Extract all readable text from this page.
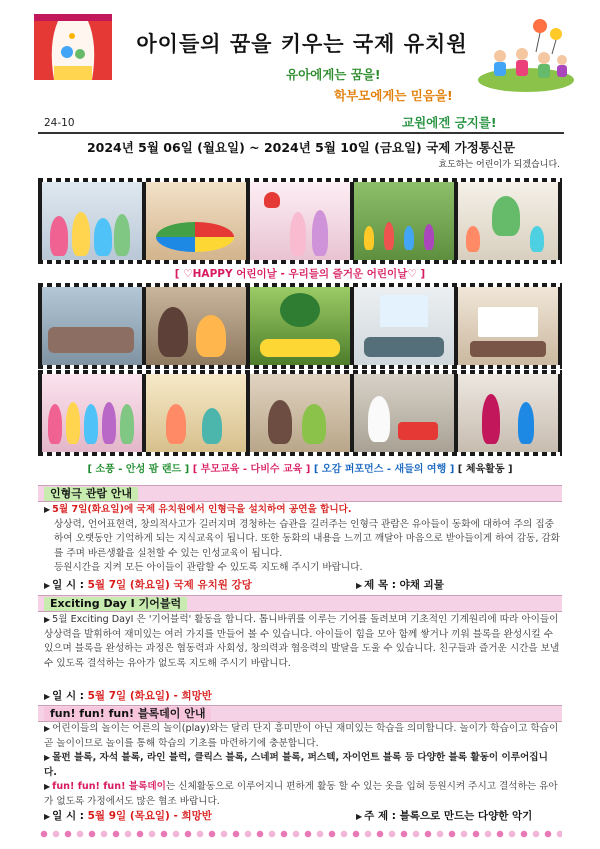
아이들의 꿈을 키우는 국제 유치원
유아에게는 꿈을!
학부모에게는 믿음을!
24-10	교원에겐 긍지를!
2024년 5월 06일 (월요일) ~ 2024년 5월 10일 (금요일) 국제 가정통신문
효도하는 어린이가 되겠습니다.
[ ♡HAPPY 어린이날 - 우리들의 즐거운 어린이날♡ ]
[ 소풍 - 안성 팜 랜드 ] [ 부모교육 - 다비수 교육 ] [ 오감 퍼포먼스 - 새들의 여행 ] [ 체육활동 ]
인형극 관람 안내
▶ 5월 7일(화요일)에 국제 유치원에서 인형극을 설치하여 공연을 합니다.
상상력, 언어표현력, 창의적사고가 길러지며 경청하는 습관을 길러주는 인형극 관람은 유아들이 동화에 대하여 주의 집중하여 오랫동안 기억하게 되는 지식교육이 됩니다. 또한 동화의 내용을 느끼고 깨달아 마음으로 받아들이게 하여 감동, 감화를 주며 바른생활을 실천할 수 있는 인성교육이 됩니다.
등원시간을 지켜 모든 아이들이 관람할 수 있도록 지도해 주시기 바랍니다.
▶ 일 시 : 5월 7일 (화요일) 국제 유치원 강당	▶ 제 목 : 야채 괴물
Exciting Day Ⅰ 기어블럭
▶ 5월 Exciting DayⅠ 은 '기어블럭' 활동을 합니다. 톱니바퀴를 이루는 기어를 돌려보며 기초적인 기계원리에 따라 아이들이 상상력을 발휘하여 재미있는 여러 가지를 만들어 볼 수 있습니다. 아이들이 힘을 모아 함께 쌓거나 끼워 블록을 완성시킬 수 있으며 블록을 완성하는 과정은 협동력과 사회성, 창의력과 협응력의 발달을 도울 수 있습니다. 친구들과 즐거운 시간을 보낼 수 있도록 결석하는 유아가 없도록 지도해 주시기 바랍니다.
▶ 일 시 : 5월 7일 (화요일) - 희망반
fun! fun! fun! 블록데이 안내
▶ 어린이들의 놀이는 어른의 놀이(play)와는 달리 단지 흥미만이 아닌 재미있는 학습을 의미합니다. 놀이가 학습이고 학습이 곧 놀이이므로 놀이를 통해 학습의 기초를 마련하기에 충분합니다.
▶ 몰펀 블록, 자석 블록, 라인 블럭, 클릭스 블록, 스네퍼 블록, 퍼스텍, 자이언트 블록 등 다양한 블록 활동이 이루어집니다.
▶ fun! fun! fun! 블록데이는 신체활동으로 이루어지니 편하게 활동 할 수 있는 옷을 입혀 등원시켜 주시고 결석하는 유아가 없도록 가정에서도 많은 협조 바랍니다.
▶ 일 시 : 5월 9일 (목요일) - 희망반	▶ 주 제 : 블록으로 만드는 다양한 악기
